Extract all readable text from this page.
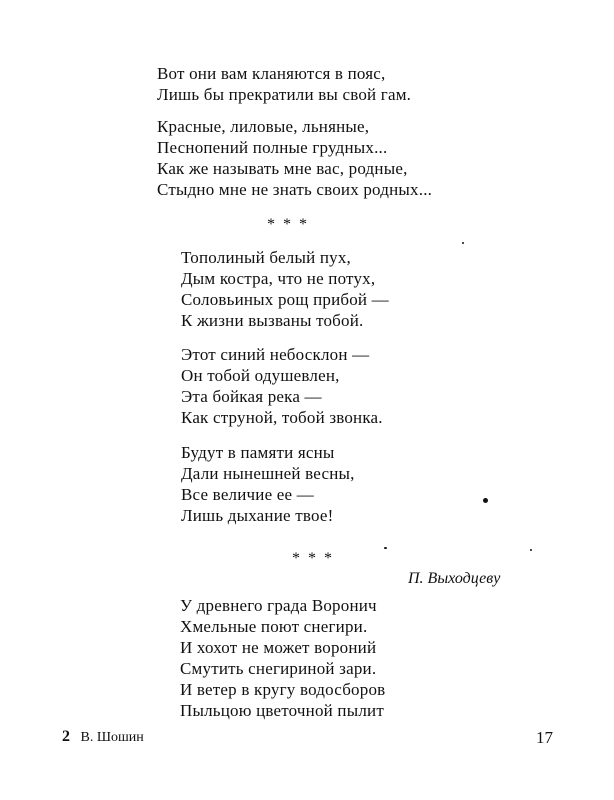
Вот они вам кланяются в пояс,
Лишь бы прекратили вы свой гам.
Красные, лиловые, льняные,
Песнопений полные грудных...
Как же называть мне вас, родные,
Стыдно мне не знать своих родных...
* * *
Тополиный белый пух,
Дым костра, что не потух,
Соловьиных рощ прибой —
К жизни вызваны тобой.
Этот синий небосклон —
Он тобой одушевлен,
Эта бойкая река —
Как струной, тобой звонка.
Будут в памяти ясны
Дали нынешней весны,
Все величие ее —
Лишь дыхание твое!
* * *
П. Выходцеву
У древнего града Воронич
Хмельные поют снегири.
И хохот не может вороний
Смутить снегириной зари.
И ветер в кругу водосборов
Пыльцою цветочной пылит
2 В. Шошин	17
